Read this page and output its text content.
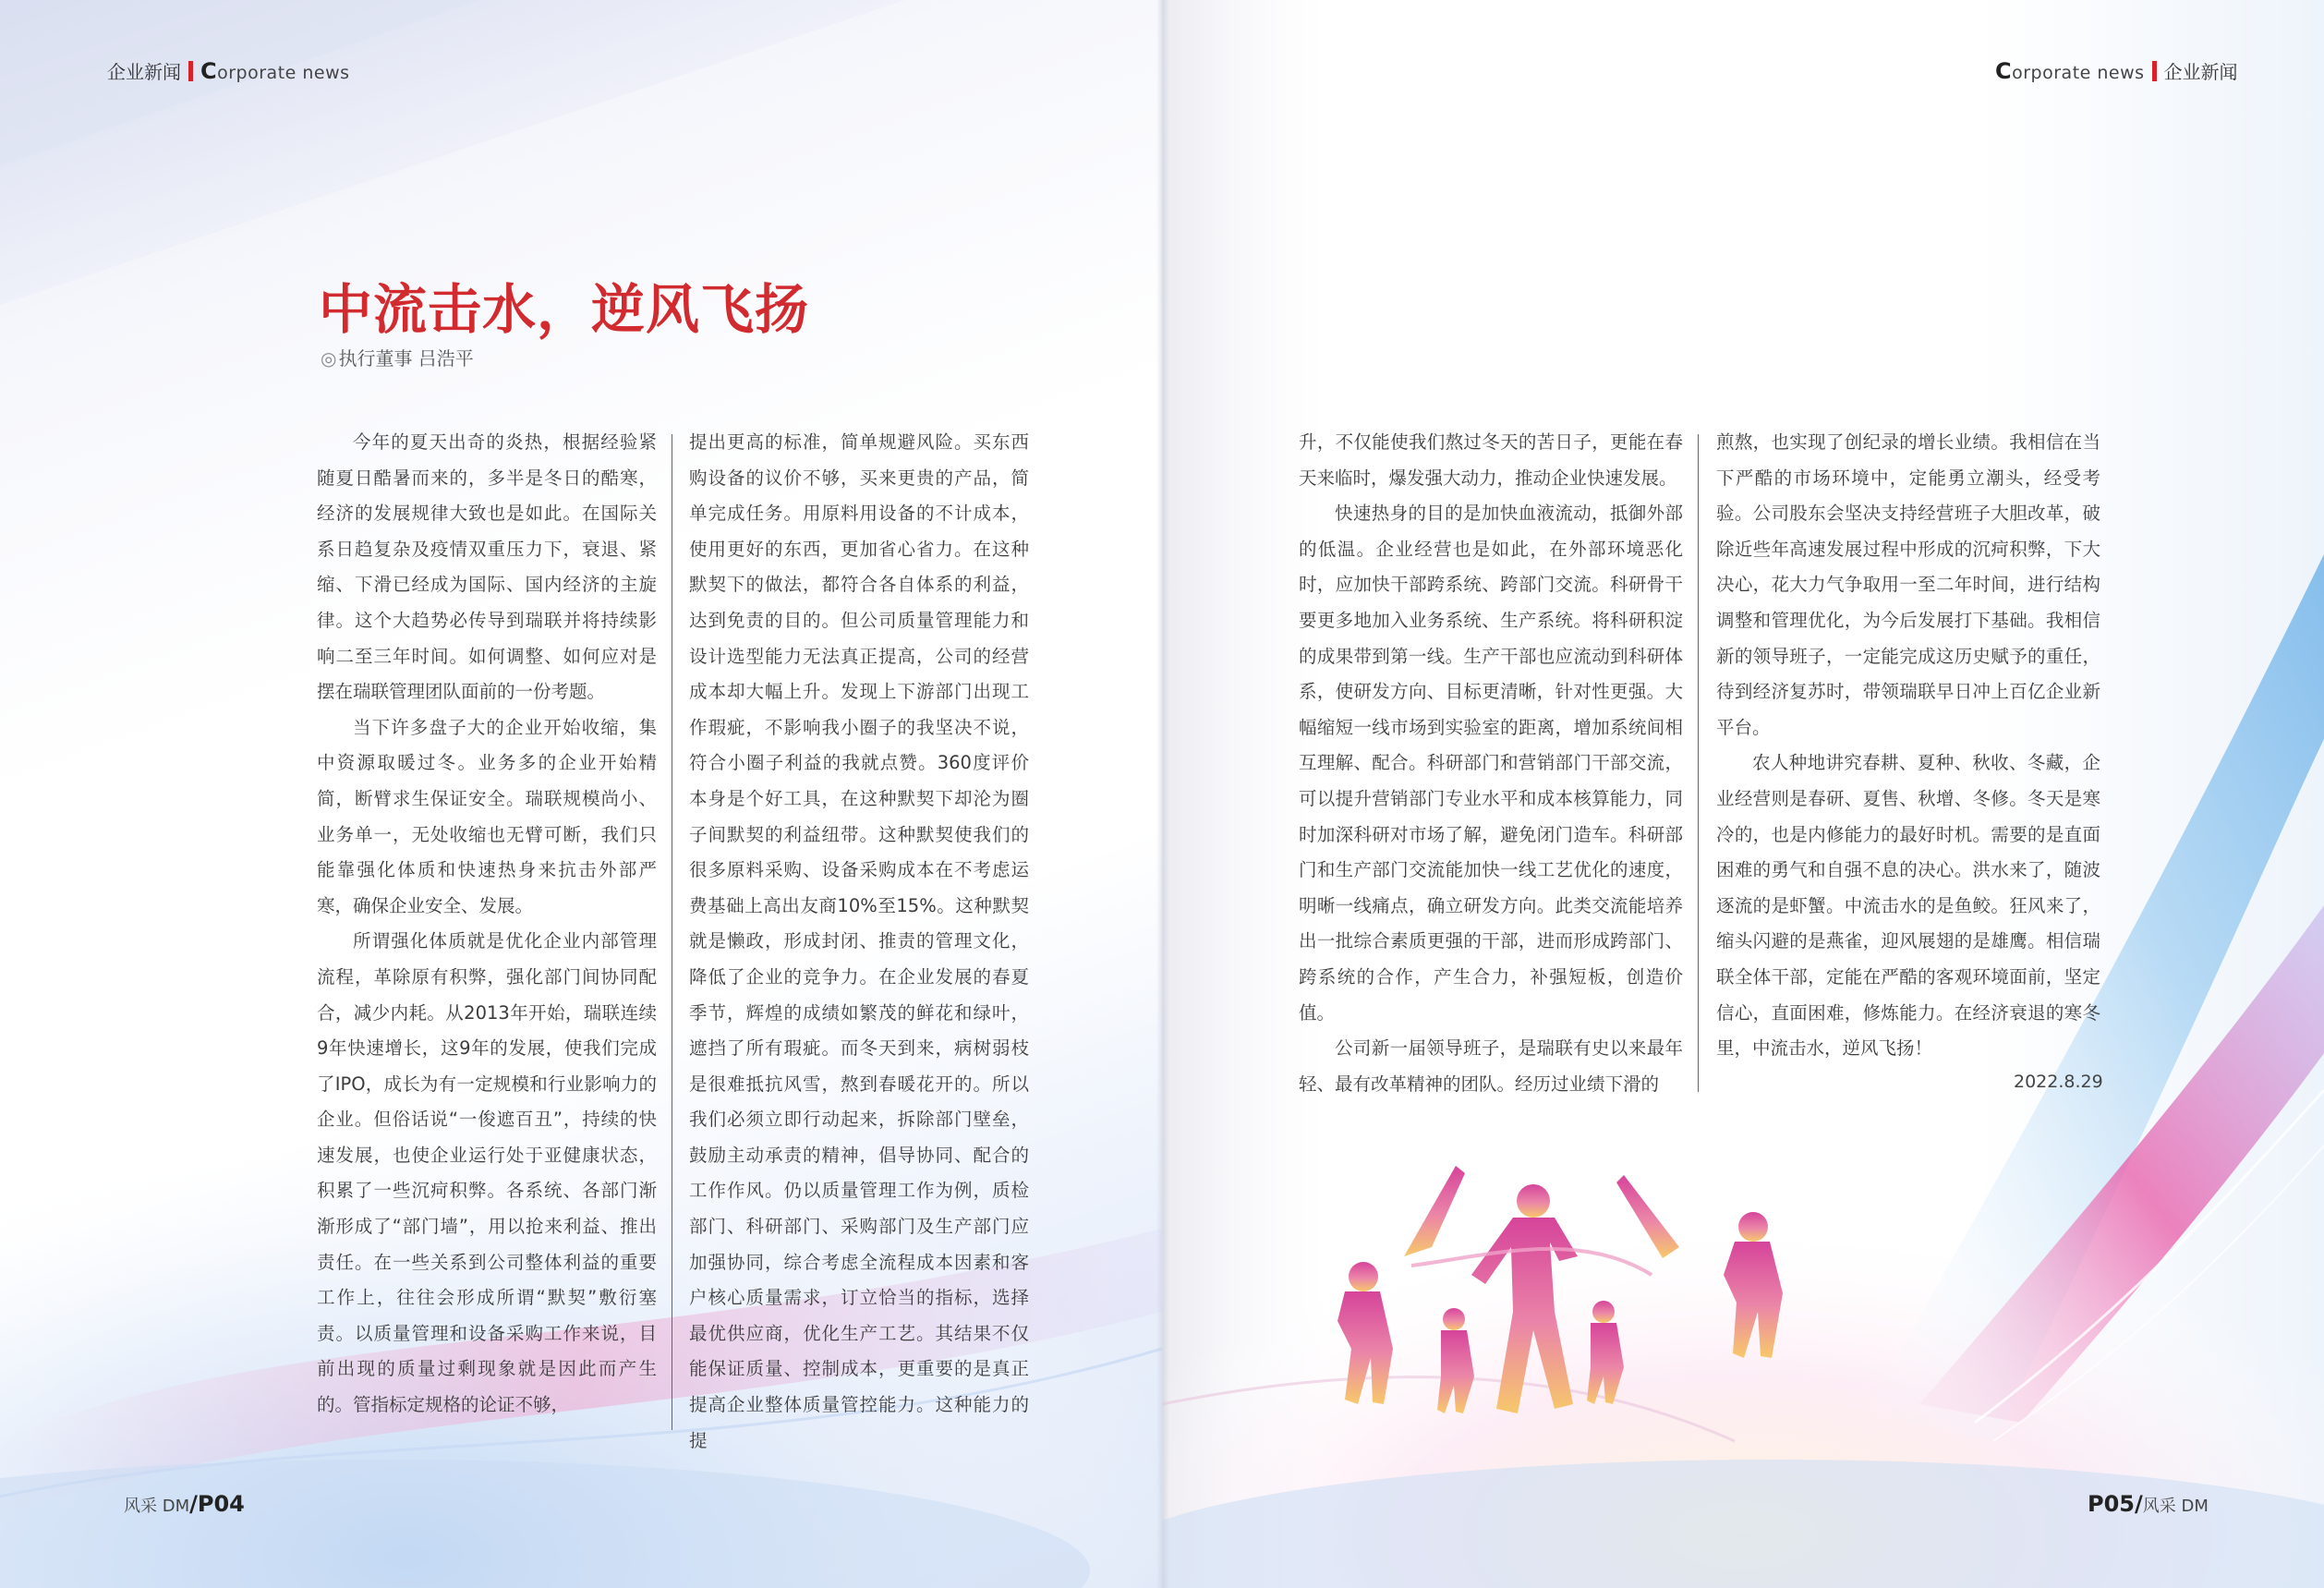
企业新闻 Corporate news
中流击水，逆风飞扬
◎ 执行董事 吕浩平

今年的夏天出奇的炎热，根据经验紧随夏日酷暑而来的，多半是冬日的酷寒，经济的发展规律大致也是如此。在国际关系日趋复杂及疫情双重压力下，衰退、紧缩、下滑已经成为国际、国内经济的主旋律。这个大趋势必传导到瑞联并将持续影响二至三年时间。如何调整、如何应对是摆在瑞联管理团队面前的一份考题。

当下许多盘子大的企业开始收缩，集中资源取暖过冬。业务多的企业开始精简，断臂求生保证安全。瑞联规模尚小、业务单一，无处收缩也无臂可断，我们只能靠强化体质和快速热身来抗击外部严寒，确保企业安全、发展。

所谓强化体质就是优化企业内部管理流程，革除原有积弊，强化部门间协同配合，减少内耗。从2013年开始，瑞联连续9年快速增长，这9年的发展，使我们完成了IPO，成长为有一定规模和行业影响力的企业。但俗话说“一俊遮百丑”，持续的快速发展，也使企业运行处于亚健康状态，积累了一些沉疴积弊。各系统、各部门渐渐形成了“部门墙”，用以抢来利益、推出责任。在一些关系到公司整体利益的重要工作上，往往会形成所谓“默契”敷衍塞责。以质量管理和设备采购工作来说，目前出现的质量过剩现象就是因此而产生的。管指标定规格的论证不够，

提出更高的标准，简单规避风险。买东西购设备的议价不够，买来更贵的产品，简单完成任务。用原料用设备的不计成本，使用更好的东西，更加省心省力。在这种默契下的做法，都符合各自体系的利益，达到免责的目的。但公司质量管理能力和设计选型能力无法真正提高，公司的经营成本却大幅上升。发现上下游部门出现工作瑕疵，不影响我小圈子的我坚决不说，符合小圈子利益的我就点赞。360度评价本身是个好工具，在这种默契下却沦为圈子间默契的利益纽带。这种默契使我们的很多原料采购、设备采购成本在不考虑运费基础上高出友商10%至15%。这种默契就是懒政，形成封闭、推责的管理文化，降低了企业的竞争力。在企业发展的春夏季节，辉煌的成绩如繁茂的鲜花和绿叶，遮挡了所有瑕疵。而冬天到来，病树弱枝是很难抵抗风雪，熬到春暖花开的。所以我们必须立即行动起来，拆除部门壁垒，鼓励主动承责的精神，倡导协同、配合的工作作风。仍以质量管理工作为例，质检部门、科研部门、采购部门及生产部门应加强协同，综合考虑全流程成本因素和客户核心质量需求，订立恰当的指标，选择最优供应商，优化生产工艺。其结果不仅能保证质量、控制成本，更重要的是真正提高企业整体质量管控能力。这种能力的提

风采 DM/P04
Corporate news 企业新闻

升，不仅能使我们熬过冬天的苦日子，更能在春天来临时，爆发强大动力，推动企业快速发展。

快速热身的目的是加快血液流动，抵御外部的低温。企业经营也是如此，在外部环境恶化时，应加快干部跨系统、跨部门交流。科研骨干要更多地加入业务系统、生产系统。将科研积淀的成果带到第一线。生产干部也应流动到科研体系，使研发方向、目标更清晰，针对性更强。大幅缩短一线市场到实验室的距离，增加系统间相互理解、配合。科研部门和营销部门干部交流，可以提升营销部门专业水平和成本核算能力，同时加深科研对市场了解，避免闭门造车。科研部门和生产部门交流能加快一线工艺优化的速度，明晰一线痛点，确立研发方向。此类交流能培养出一批综合素质更强的干部，进而形成跨部门、跨系统的合作，产生合力，补强短板，创造价值。

公司新一届领导班子，是瑞联有史以来最年轻、最有改革精神的团队。经历过业绩下滑的

煎熬，也实现了创纪录的增长业绩。我相信在当下严酷的市场环境中，定能勇立潮头，经受考验。公司股东会坚决支持经营班子大胆改革，破除近些年高速发展过程中形成的沉疴积弊，下大决心，花大力气争取用一至二年时间，进行结构调整和管理优化，为今后发展打下基础。我相信新的领导班子，一定能完成这历史赋予的重任，待到经济复苏时，带领瑞联早日冲上百亿企业新平台。

农人种地讲究春耕、夏种、秋收、冬藏，企业经营则是春研、夏售、秋增、冬修。冬天是寒冷的，也是内修能力的最好时机。需要的是直面困难的勇气和自强不息的决心。洪水来了，随波逐流的是虾蟹。中流击水的是鱼鲛。狂风来了，缩头闪避的是燕雀，迎风展翅的是雄鹰。相信瑞联全体干部，定能在严酷的客观环境面前，坚定信心，直面困难，修炼能力。在经济衰退的寒冬里，中流击水，逆风飞扬！

2022.8.29
P05/风采 DM
